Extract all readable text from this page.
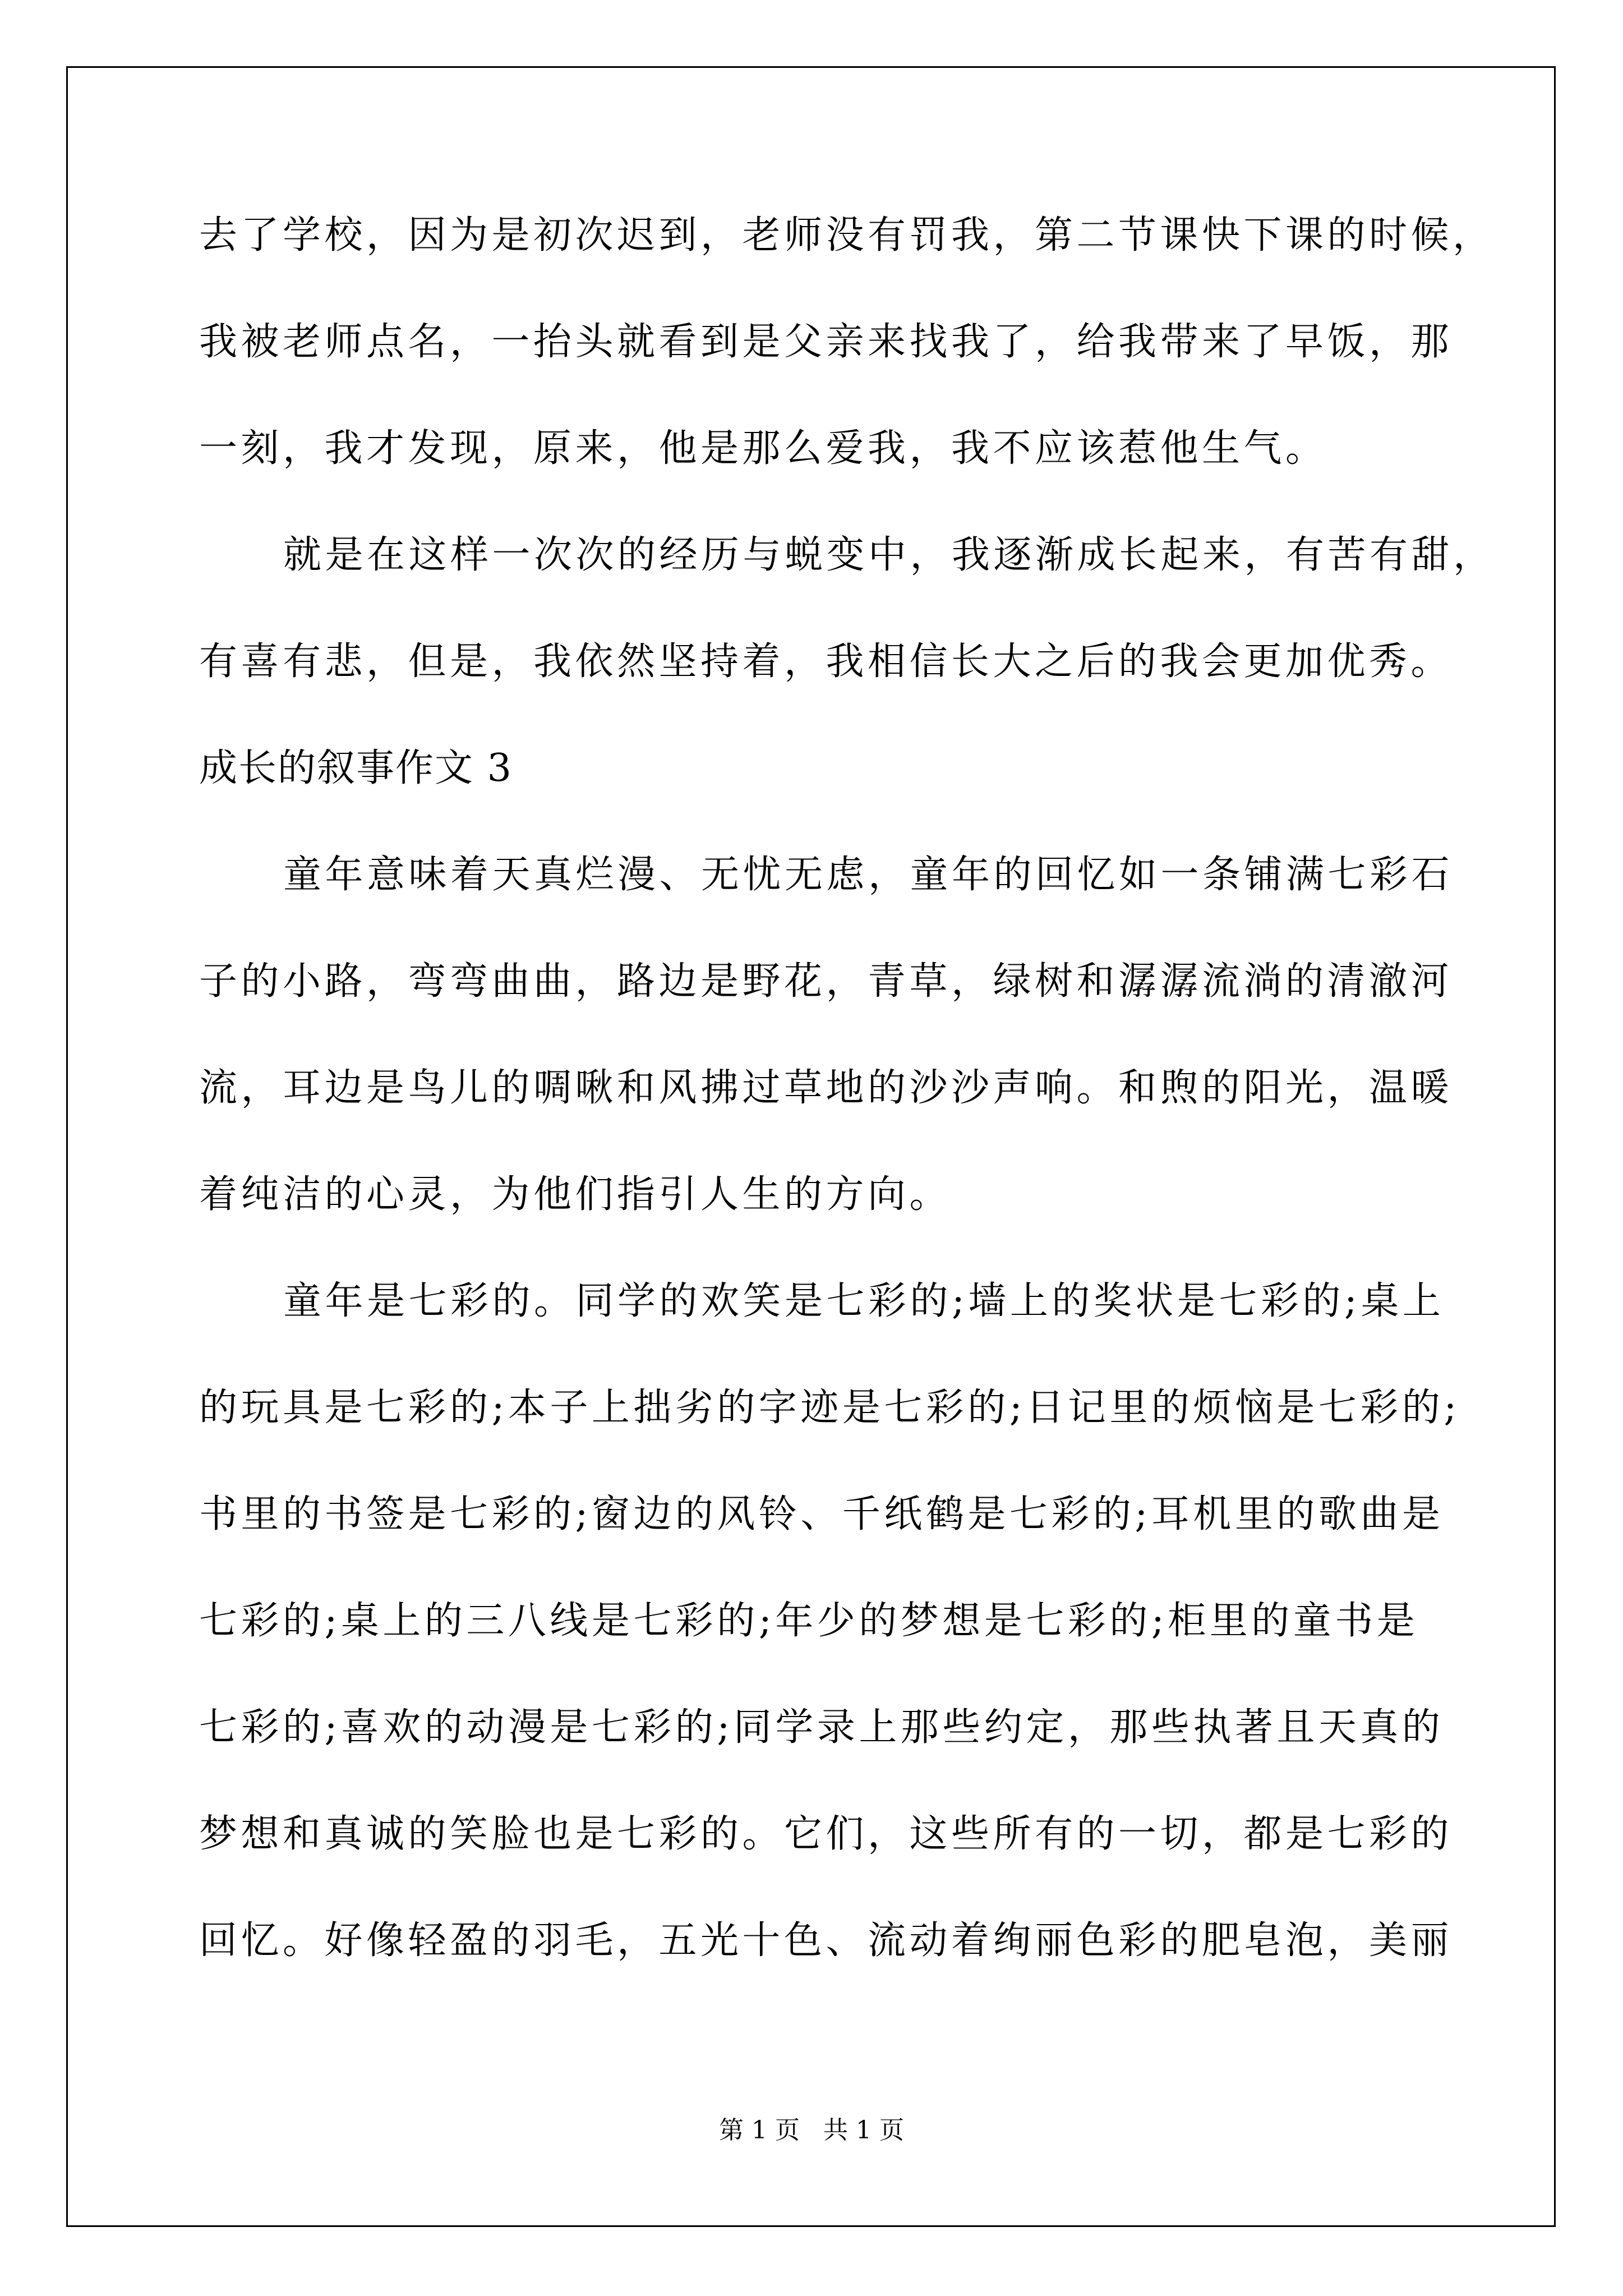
去了学校，因为是初次迟到，老师没有罚我，第二节课快下课的时候，
我被老师点名，一抬头就看到是父亲来找我了，给我带来了早饭，那
一刻，我才发现，原来，他是那么爱我，我不应该惹他生气。
就是在这样一次次的经历与蜕变中，我逐渐成长起来，有苦有甜，
有喜有悲，但是，我依然坚持着，我相信长大之后的我会更加优秀。
成长的叙事作文 3
童年意味着天真烂漫、无忧无虑，童年的回忆如一条铺满七彩石
子的小路，弯弯曲曲，路边是野花，青草，绿树和潺潺流淌的清澈河
流，耳边是鸟儿的啁啾和风拂过草地的沙沙声响。和煦的阳光，温暖
着纯洁的心灵，为他们指引人生的方向。
童年是七彩的。同学的欢笑是七彩的;墙上的奖状是七彩的;桌上
的玩具是七彩的;本子上拙劣的字迹是七彩的;日记里的烦恼是七彩的;
书里的书签是七彩的;窗边的风铃、千纸鹤是七彩的;耳机里的歌曲是
七彩的;桌上的三八线是七彩的;年少的梦想是七彩的;柜里的童书是
七彩的;喜欢的动漫是七彩的;同学录上那些约定，那些执著且天真的
梦想和真诚的笑脸也是七彩的。它们，这些所有的一切，都是七彩的
回忆。好像轻盈的羽毛，五光十色、流动着绚丽色彩的肥皂泡，美丽
第 1 页   共 1 页
